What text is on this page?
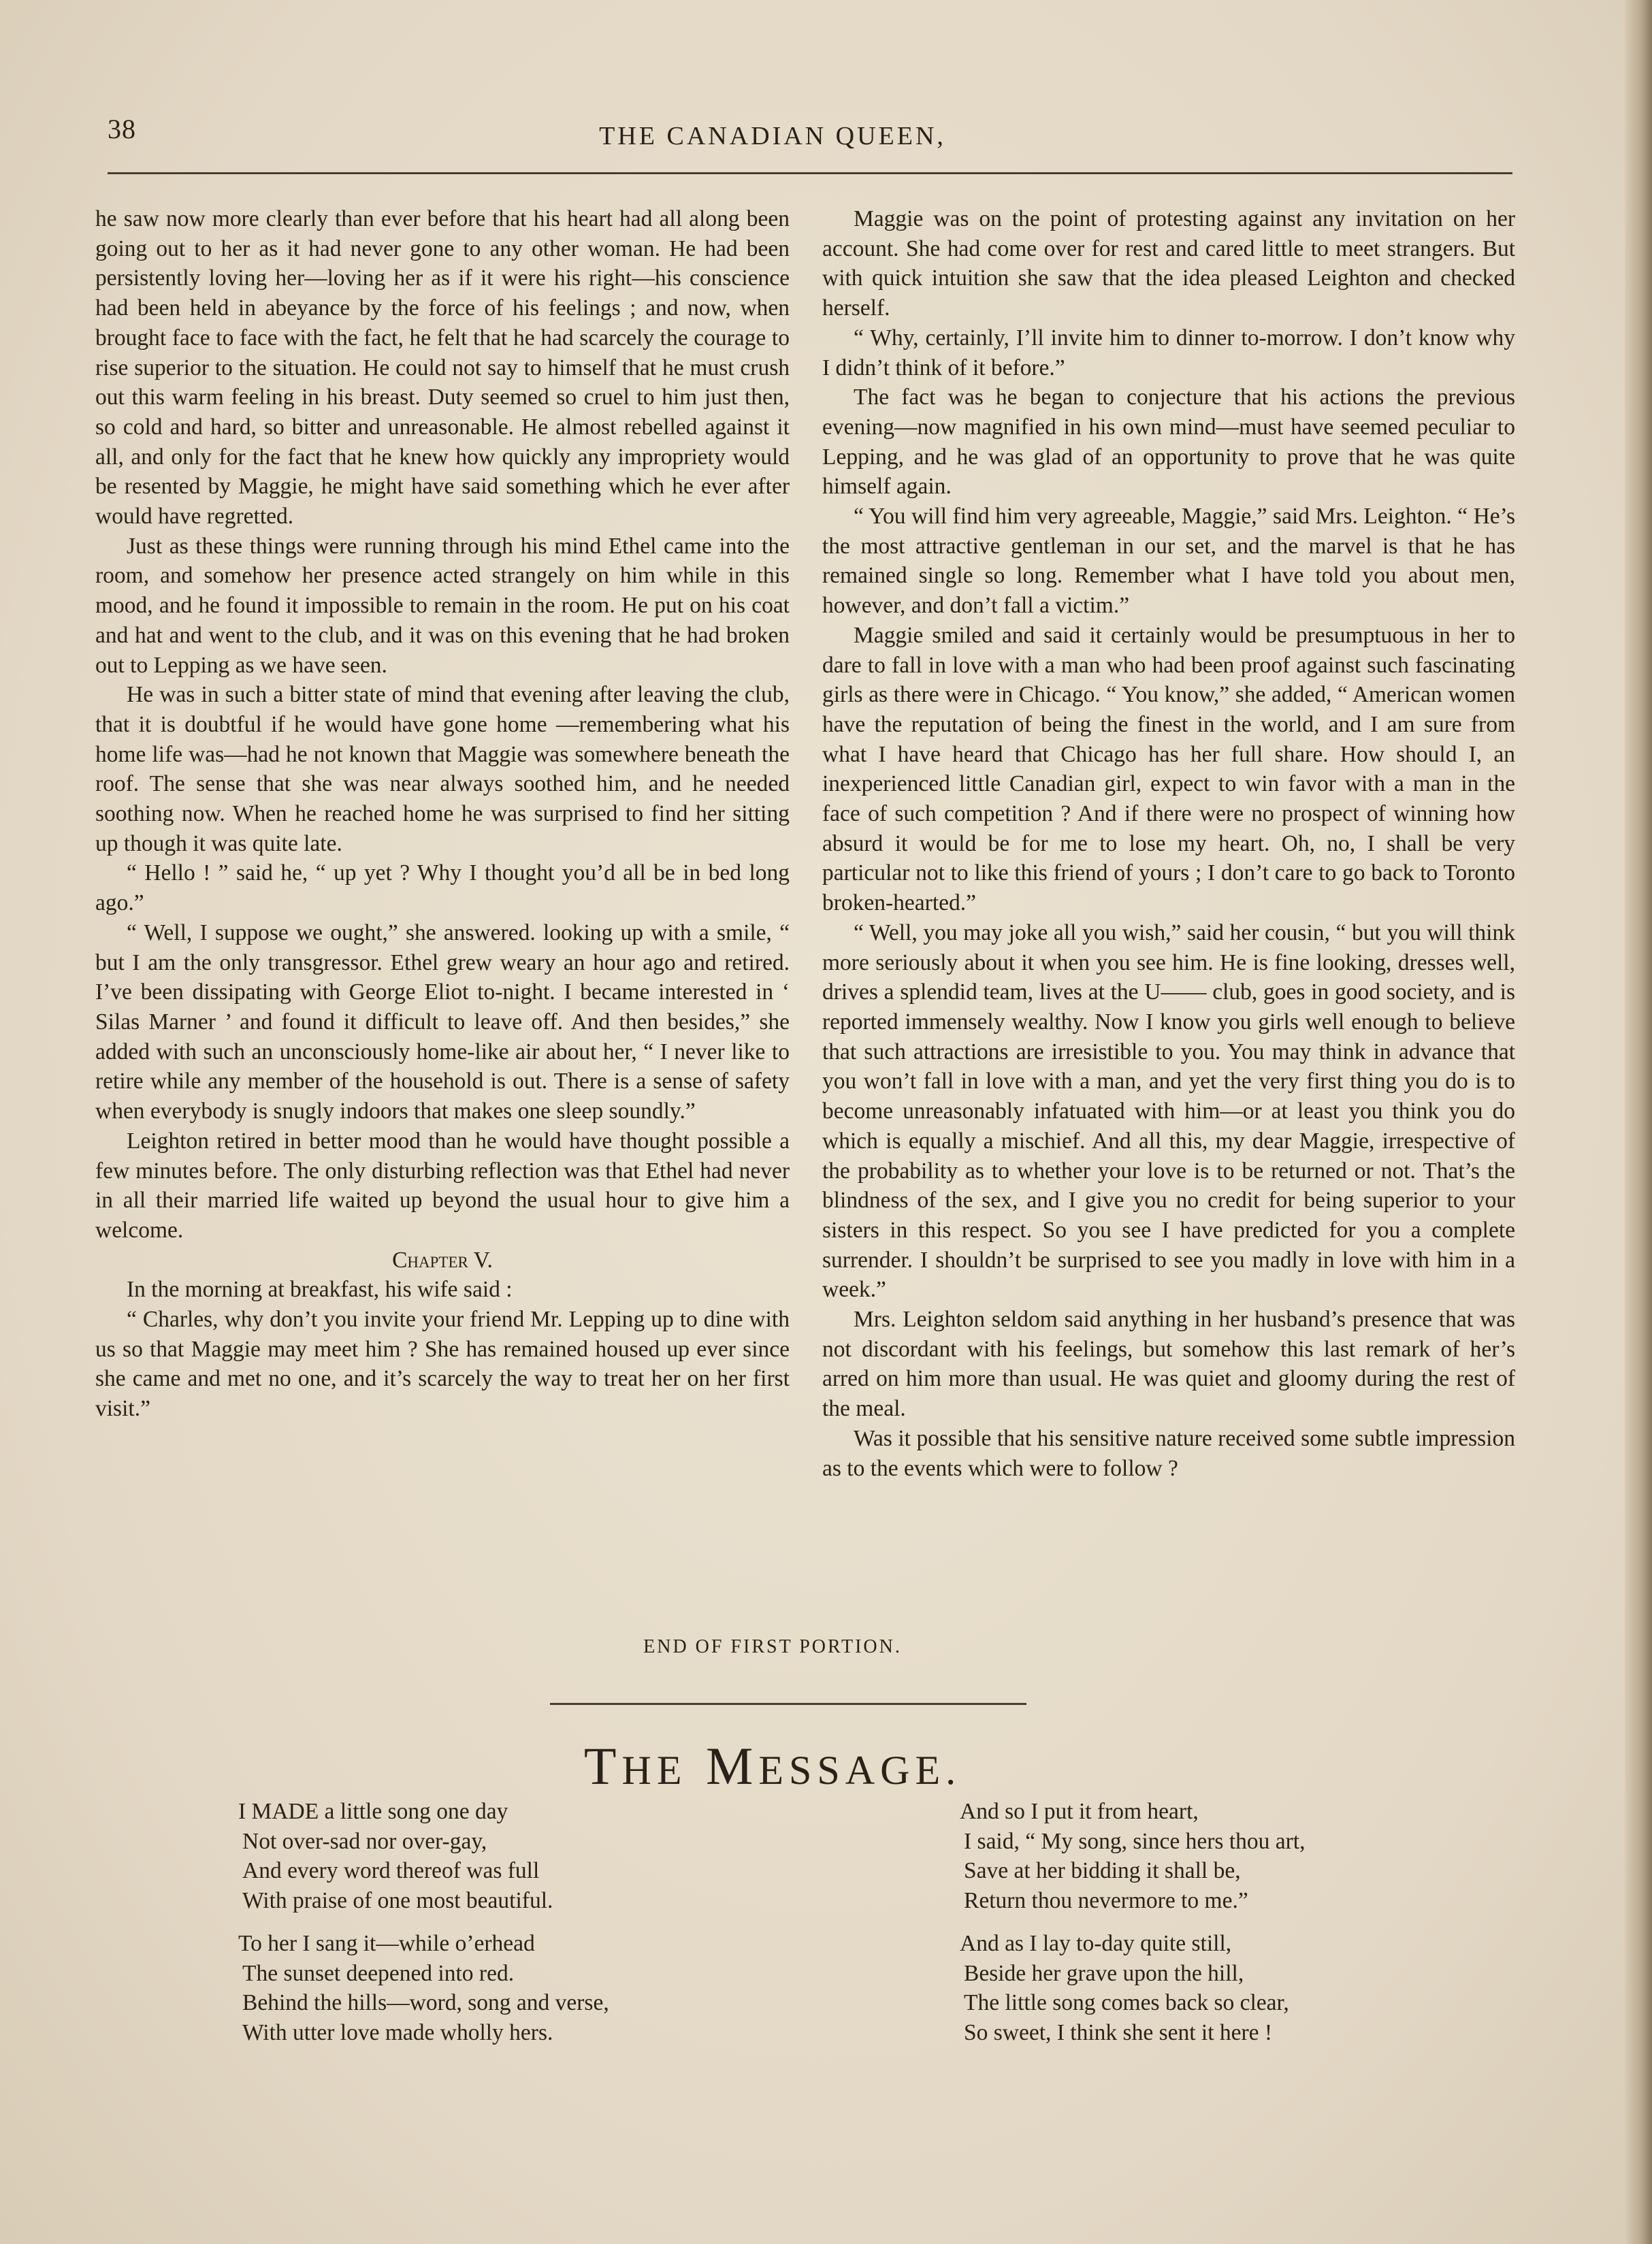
38	THE CANADIAN QUEEN,

he saw now more clearly than ever before that his heart had all along been going out to her as it had never gone to any other woman. He had been persistently loving her—loving her as if it were his right—his conscience had been held in abeyance by the force of his feelings ; and now, when brought face to face with the fact, he felt that he had scarcely the courage to rise superior to the situation. He could not say to himself that he must crush out this warm feeling in his breast. Duty seemed so cruel to him just then, so cold and hard, so bitter and unreasonable. He almost rebelled against it all, and only for the fact that he knew how quickly any impropriety would be resented by Maggie, he might have said something which he ever after would have regretted.

Just as these things were running through his mind Ethel came into the room, and somehow her presence acted strangely on him while in this mood, and he found it impossible to remain in the room. He put on his coat and hat and went to the club, and it was on this evening that he had broken out to Lepping as we have seen.

He was in such a bitter state of mind that evening after leaving the club, that it is doubtful if he would have gone home —remembering what his home life was—had he not known that Maggie was somewhere beneath the roof. The sense that she was near always soothed him, and he needed soothing now. When he reached home he was surprised to find her sitting up though it was quite late.

“ Hello ! ” said he, “ up yet ? Why I thought you’d all be in bed long ago.”

“ Well, I suppose we ought,” she answered. looking up with a smile, “ but I am the only transgressor. Ethel grew weary an hour ago and retired. I’ve been dissipating with George Eliot to-night. I became interested in ‘ Silas Marner ’ and found it difficult to leave off. And then besides,” she added with such an unconsciously home-like air about her, “ I never like to retire while any member of the household is out. There is a sense of safety when everybody is snugly indoors that makes one sleep soundly.”

Leighton retired in better mood than he would have thought possible a few minutes before. The only disturbing reflection was that Ethel had never in all their married life waited up beyond the usual hour to give him a welcome.

Chapter V.

In the morning at breakfast, his wife said :

“ Charles, why don’t you invite your friend Mr. Lepping up to dine with us so that Maggie may meet him ? She has remained housed up ever since she came and met no one, and it’s scarcely the way to treat her on her first visit.”

Maggie was on the point of protesting against any invitation on her account. She had come over for rest and cared little to meet strangers. But with quick intuition she saw that the idea pleased Leighton and checked herself.

“ Why, certainly, I’ll invite him to dinner to-morrow. I don’t know why I didn’t think of it before.”

The fact was he began to conjecture that his actions the previous evening—now magnified in his own mind—must have seemed peculiar to Lepping, and he was glad of an opportunity to prove that he was quite himself again.

“ You will find him very agreeable, Maggie,” said Mrs. Leighton. “ He’s the most attractive gentleman in our set, and the marvel is that he has remained single so long. Remember what I have told you about men, however, and don’t fall a victim.”

Maggie smiled and said it certainly would be presumptuous in her to dare to fall in love with a man who had been proof against such fascinating girls as there were in Chicago. “ You know,” she added, “ American women have the reputation of being the finest in the world, and I am sure from what I have heard that Chicago has her full share. How should I, an inexperienced little Canadian girl, expect to win favor with a man in the face of such competition ? And if there were no prospect of winning how absurd it would be for me to lose my heart. Oh, no, I shall be very particular not to like this friend of yours ; I don’t care to go back to Toronto broken-hearted.”

“ Well, you may joke all you wish,” said her cousin, “ but you will think more seriously about it when you see him. He is fine looking, dresses well, drives a splendid team, lives at the U—— club, goes in good society, and is reported immensely wealthy. Now I know you girls well enough to believe that such attractions are irresistible to you. You may think in advance that you won’t fall in love with a man, and yet the very first thing you do is to become unreasonably infatuated with him—or at least you think you do which is equally a mischief. And all this, my dear Maggie, irrespective of the probability as to whether your love is to be returned or not. That’s the blindness of the sex, and I give you no credit for being superior to your sisters in this respect. So you see I have predicted for you a complete surrender. I shouldn’t be surprised to see you madly in love with him in a week.”

Mrs. Leighton seldom said anything in her husband’s presence that was not discordant with his feelings, but somehow this last remark of her’s arred on him more than usual. He was quiet and gloomy during the rest of the meal.

Was it possible that his sensitive nature received some subtle impression as to the events which were to follow ?

END OF FIRST PORTION.
THE MESSAGE.
I MADE a little song one day
Not over-sad nor over-gay,
And every word thereof was full
With praise of one most beautiful.
To her I sang it—while o’erhead
The sunset deepened into red.
Behind the hills—word, song and verse,
With utter love made wholly hers.
And so I put it from heart,
I said, “ My song, since hers thou art,
Save at her bidding it shall be,
Return thou nevermore to me.”
And as I lay to-day quite still,
Beside her grave upon the hill,
The little song comes back so clear,
So sweet, I think she sent it here !
